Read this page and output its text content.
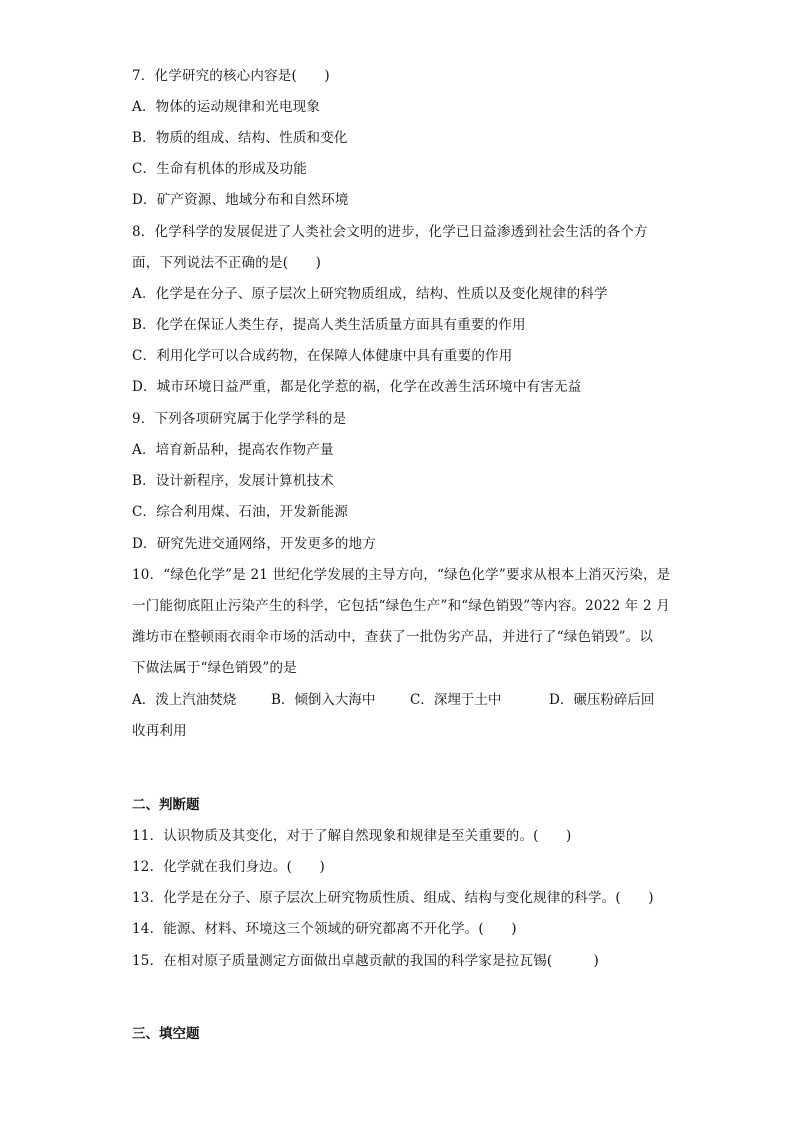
7．化学研究的核心内容是(　　)
A．物体的运动规律和光电现象
B．物质的组成、结构、性质和变化
C．生命有机体的形成及功能
D．矿产资源、地域分布和自然环境
8．化学科学的发展促进了人类社会文明的进步，化学已日益渗透到社会生活的各个方
面，下列说法不正确的是(　　)
A．化学是在分子、原子层次上研究物质组成，结构、性质以及变化规律的科学
B．化学在保证人类生存，提高人类生活质量方面具有重要的作用
C．利用化学可以合成药物，在保障人体健康中具有重要的作用
D．城市环境日益严重，都是化学惹的祸，化学在改善生活环境中有害无益
9．下列各项研究属于化学学科的是
A．培育新品种，提高农作物产量
B．设计新程序，发展计算机技术
C．综合利用煤、石油，开发新能源
D．研究先进交通网络，开发更多的地方
10．“绿色化学”是 21 世纪化学发展的主导方向，“绿色化学”要求从根本上消灭污染，是
一门能彻底阻止污染产生的科学，它包括“绿色生产”和“绿色销毁”等内容。2022 年 2 月
潍坊市在整顿雨衣雨伞市场的活动中，查获了一批伪劣产品，并进行了“绿色销毁”。以
下做法属于“绿色销毁”的是
A．泼上汽油焚烧	B．倾倒入大海中	C．深埋于土中	D．碾压粉碎后回
收再利用
二、判断题
11．认识物质及其变化，对于了解自然现象和规律是至关重要的。(　　)
12．化学就在我们身边。(　　)
13．化学是在分子、原子层次上研究物质性质、组成、结构与变化规律的科学。(　　)
14．能源、材料、环境这三个领域的研究都离不开化学。(　　)
15．在相对原子质量测定方面做出卓越贡献的我国的科学家是拉瓦锡(　　　)
三、填空题
